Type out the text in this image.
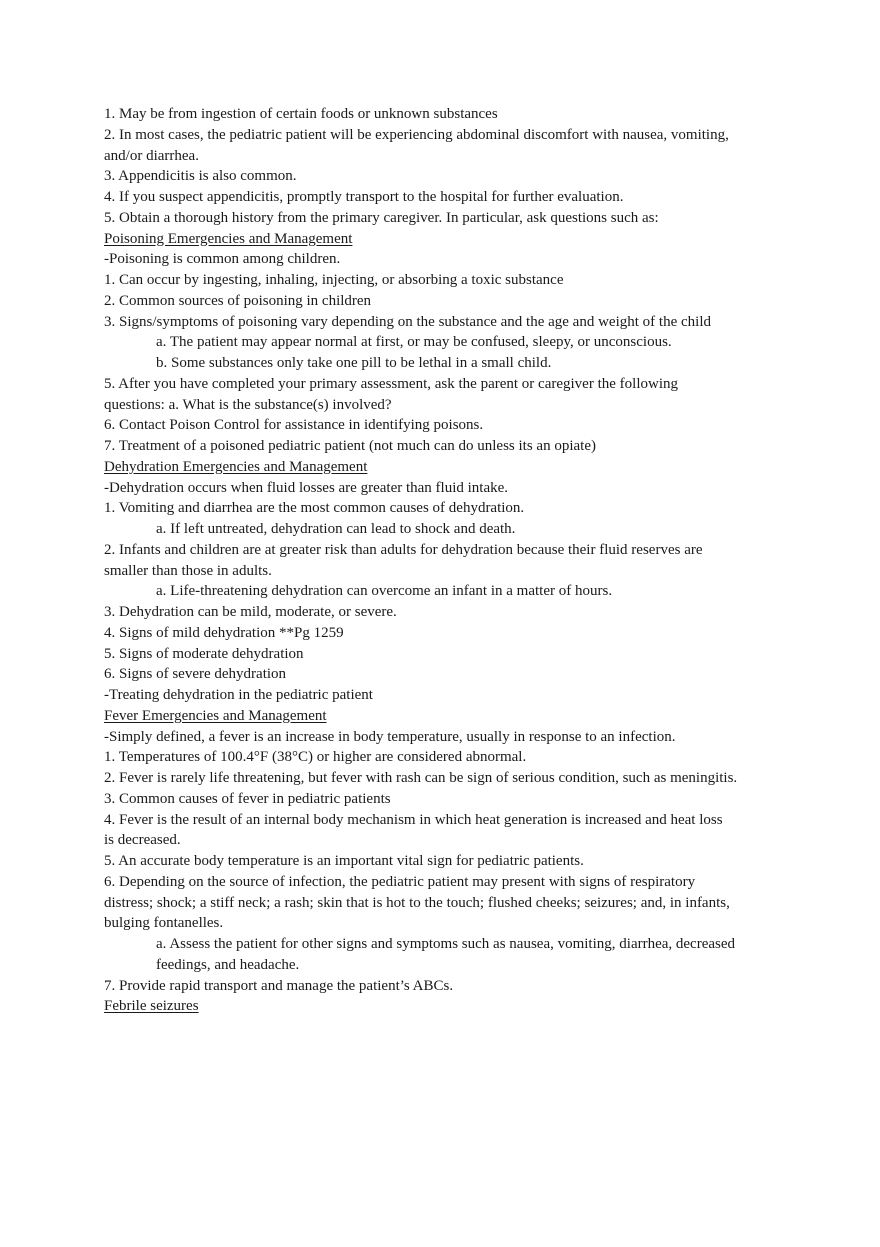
1. May be from ingestion of certain foods or unknown substances

2. In most cases, the pediatric patient will be experiencing abdominal discomfort with nausea, vomiting,

and/or diarrhea.

3. Appendicitis is also common.

4. If you suspect appendicitis, promptly transport to the hospital for further evaluation.

5. Obtain a thorough history from the primary caregiver. In particular, ask questions such as:

Poisoning Emergencies and Management

-Poisoning is common among children.

1. Can occur by ingesting, inhaling, injecting, or absorbing a toxic substance

2. Common sources of poisoning in children

3. Signs/symptoms of poisoning vary depending on the substance and the age and weight of the child

a. The patient may appear normal at first, or may be confused, sleepy, or unconscious.

b. Some substances only take one pill to be lethal in a small child.

5. After you have completed your primary assessment, ask the parent or caregiver the following

questions: a. What is the substance(s) involved?

6. Contact Poison Control for assistance in identifying poisons.

7. Treatment of a poisoned pediatric patient (not much can do unless its an opiate)

Dehydration Emergencies and Management

-Dehydration occurs when fluid losses are greater than fluid intake.

1. Vomiting and diarrhea are the most common causes of dehydration.

a. If left untreated, dehydration can lead to shock and death.

2. Infants and children are at greater risk than adults for dehydration because their fluid reserves are

smaller than those in adults.

a. Life-threatening dehydration can overcome an infant in a matter of hours.

3. Dehydration can be mild, moderate, or severe.

4. Signs of mild dehydration **Pg 1259

5. Signs of moderate dehydration

6. Signs of severe dehydration

-Treating dehydration in the pediatric patient

Fever Emergencies and Management

-Simply defined, a fever is an increase in body temperature, usually in response to an infection.

1. Temperatures of 100.4°F (38°C) or higher are considered abnormal.

2. Fever is rarely life threatening, but fever with rash can be sign of serious condition, such as meningitis.

3. Common causes of fever in pediatric patients

4. Fever is the result of an internal body mechanism in which heat generation is increased and heat loss

is decreased.

5. An accurate body temperature is an important vital sign for pediatric patients.

6. Depending on the source of infection, the pediatric patient may present with signs of respiratory

distress; shock; a stiff neck; a rash; skin that is hot to the touch; flushed cheeks; seizures; and, in infants,

bulging fontanelles.

a. Assess the patient for other signs and symptoms such as nausea, vomiting, diarrhea, decreased

feedings, and headache.

7. Provide rapid transport and manage the patient’s ABCs.

Febrile seizures
